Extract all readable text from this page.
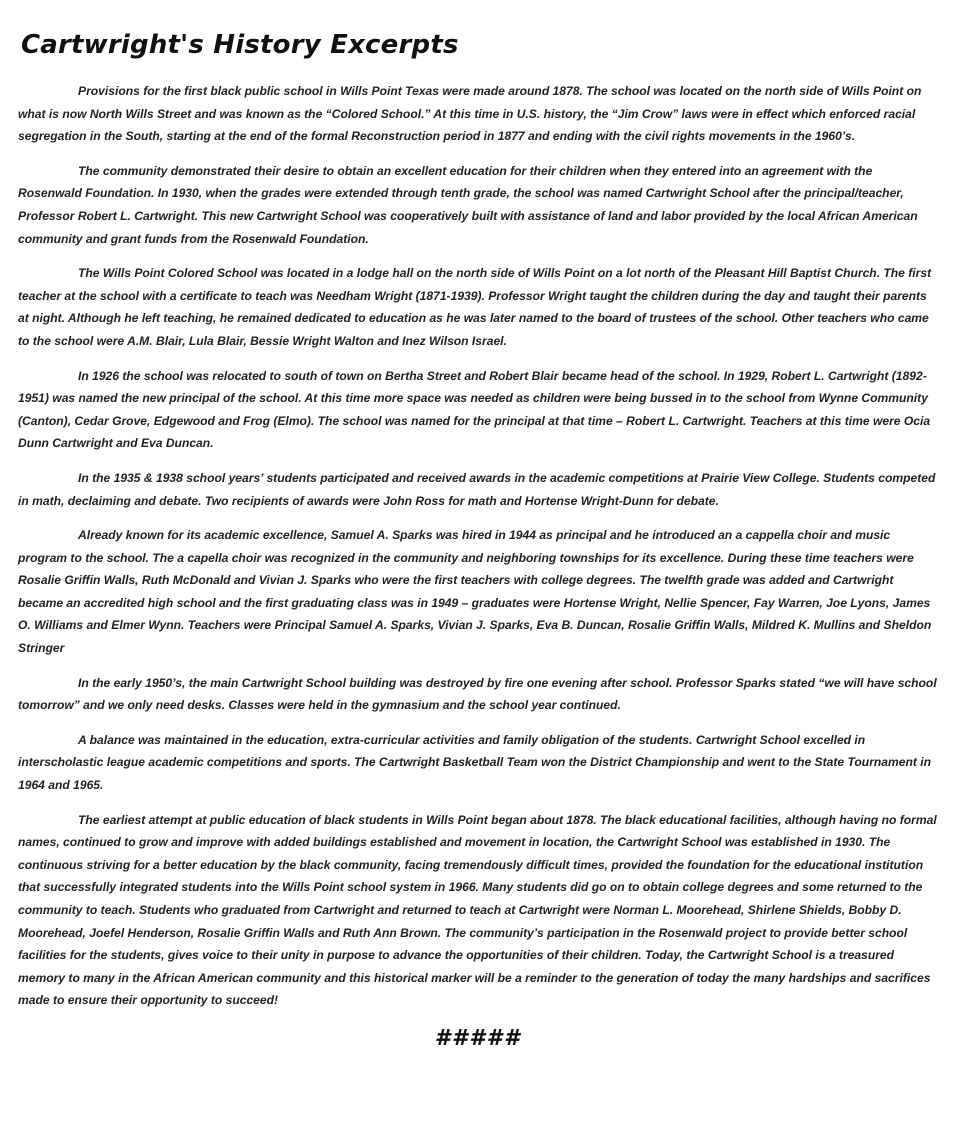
Cartwright's History Excerpts

Provisions for the first black public school in Wills Point Texas were made around 1878. The school was located on the north side of Wills Point on what is now North Wills Street and was known as the “Colored School.” At this time in U.S. history, the “Jim Crow” laws were in effect which enforced racial segregation in the South, starting at the end of the formal Reconstruction period in 1877 and ending with the civil rights movements in the 1960’s.

The community demonstrated their desire to obtain an excellent education for their children when they entered into an agreement with the Rosenwald Foundation. In 1930, when the grades were extended through tenth grade, the school was named Cartwright School after the principal/teacher, Professor Robert L. Cartwright. This new Cartwright School was cooperatively built with assistance of land and labor provided by the local African American community and grant funds from the Rosenwald Foundation.

The Wills Point Colored School was located in a lodge hall on the north side of Wills Point on a lot north of the Pleasant Hill Baptist Church. The first teacher at the school with a certificate to teach was Needham Wright (1871-1939). Professor Wright taught the children during the day and taught their parents at night. Although he left teaching, he remained dedicated to education as he was later named to the board of trustees of the school. Other teachers who came to the school were A.M. Blair, Lula Blair, Bessie Wright Walton and Inez Wilson Israel.

In 1926 the school was relocated to south of town on Bertha Street and Robert Blair became head of the school. In 1929, Robert L. Cartwright (1892-1951) was named the new principal of the school. At this time more space was needed as children were being bussed in to the school from Wynne Community (Canton), Cedar Grove, Edgewood and Frog (Elmo). The school was named for the principal at that time – Robert L. Cartwright. Teachers at this time were Ocia Dunn Cartwright and Eva Duncan.

In the 1935 & 1938 school years’ students participated and received awards in the academic competitions at Prairie View College. Students competed in math, declaiming and debate. Two recipients of awards were John Ross for math and Hortense Wright-Dunn for debate.

Already known for its academic excellence, Samuel A. Sparks was hired in 1944 as principal and he introduced an a cappella choir and music program to the school. The a capella choir was recognized in the community and neighboring townships for its excellence. During these time teachers were Rosalie Griffin Walls, Ruth McDonald and Vivian J. Sparks who were the first teachers with college degrees. The twelfth grade was added and Cartwright became an accredited high school and the first graduating class was in 1949 – graduates were Hortense Wright, Nellie Spencer, Fay Warren, Joe Lyons, James O. Williams and Elmer Wynn. Teachers were Principal Samuel A. Sparks, Vivian J. Sparks, Eva B. Duncan, Rosalie Griffin Walls, Mildred K. Mullins and Sheldon Stringer

In the early 1950’s, the main Cartwright School building was destroyed by fire one evening after school. Professor Sparks stated “we will have school tomorrow” and we only need desks. Classes were held in the gymnasium and the school year continued.

A balance was maintained in the education, extra-curricular activities and family obligation of the students. Cartwright School excelled in interscholastic league academic competitions and sports. The Cartwright Basketball Team won the District Championship and went to the State Tournament in 1964 and 1965.

The earliest attempt at public education of black students in Wills Point began about 1878. The black educational facilities, although having no formal names, continued to grow and improve with added buildings established and movement in location, the Cartwright School was established in 1930. The continuous striving for a better education by the black community, facing tremendously difficult times, provided the foundation for the educational institution that successfully integrated students into the Wills Point school system in 1966. Many students did go on to obtain college degrees and some returned to the community to teach. Students who graduated from Cartwright and returned to teach at Cartwright were Norman L. Moorehead, Shirlene Shields, Bobby D. Moorehead, Joefel Henderson, Rosalie Griffin Walls and Ruth Ann Brown. The community’s participation in the Rosenwald project to provide better school facilities for the students, gives voice to their unity in purpose to advance the opportunities of their children. Today, the Cartwright School is a treasured memory to many in the African American community and this historical marker will be a reminder to the generation of today the many hardships and sacrifices made to ensure their opportunity to succeed!

#####
